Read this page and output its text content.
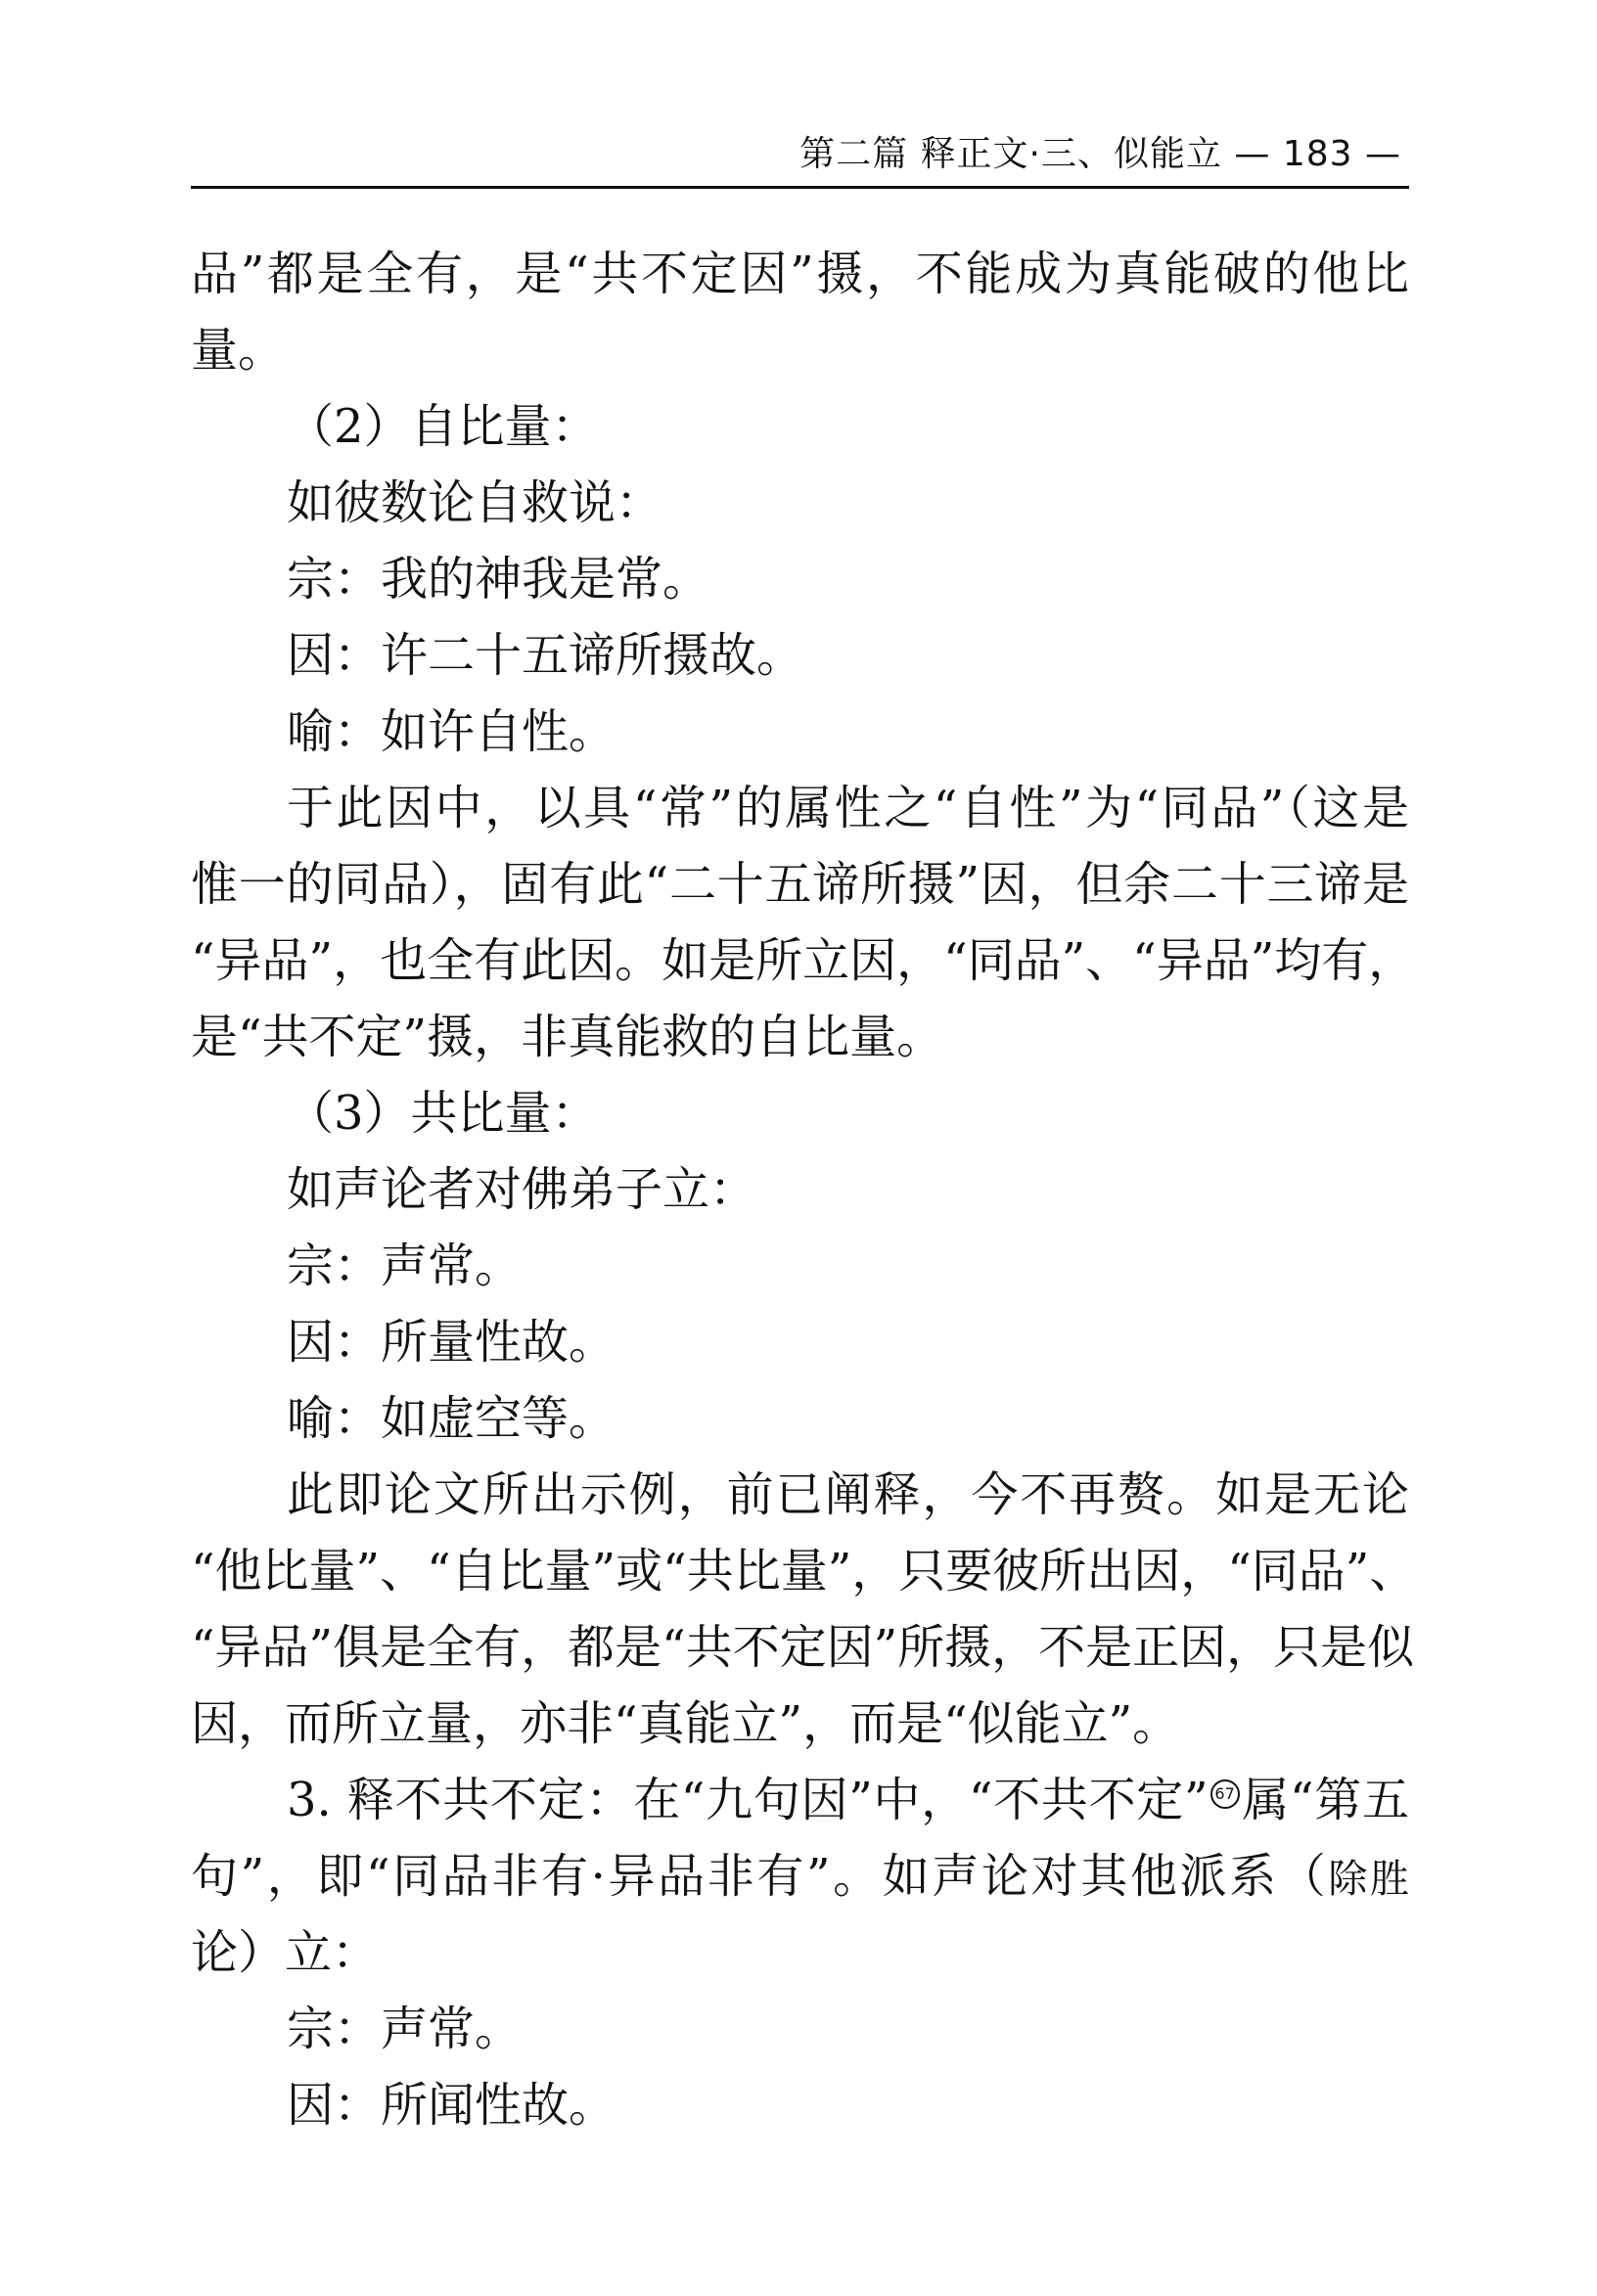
第二篇 释正文·三、似能立 — 183 —
品”都是全有，是“共不定因”摄，不能成为真能破的他比
量。
（2）自比量：
如彼数论自救说：
宗：我的神我是常。
因：许二十五谛所摄故。
喻：如许自性。
于此因中，以具“常”的属性之“自性”为“同品”（这是
惟一的同品），固有此“二十五谛所摄”因，但余二十三谛是
“异品”，也全有此因。如是所立因，“同品”、“异品”均有，
是“共不定”摄，非真能救的自比量。
（3）共比量：
如声论者对佛弟子立：
宗：声常。
因：所量性故。
喻：如虚空等。
此即论文所出示例，前已阐释，今不再赘。如是无论
“他比量”、“自比量”或“共比量”，只要彼所出因，“同品”、
“异品”俱是全有，都是“共不定因”所摄，不是正因，只是似
因，而所立量，亦非“真能立”，而是“似能立”。
3. 释不共不定：在“九句因”中，“不共不定” 67 属“第五
句”，即“同品非有·异品非有”。如声论对其他派系（除胜
论）立：
宗：声常。
因：所闻性故。
